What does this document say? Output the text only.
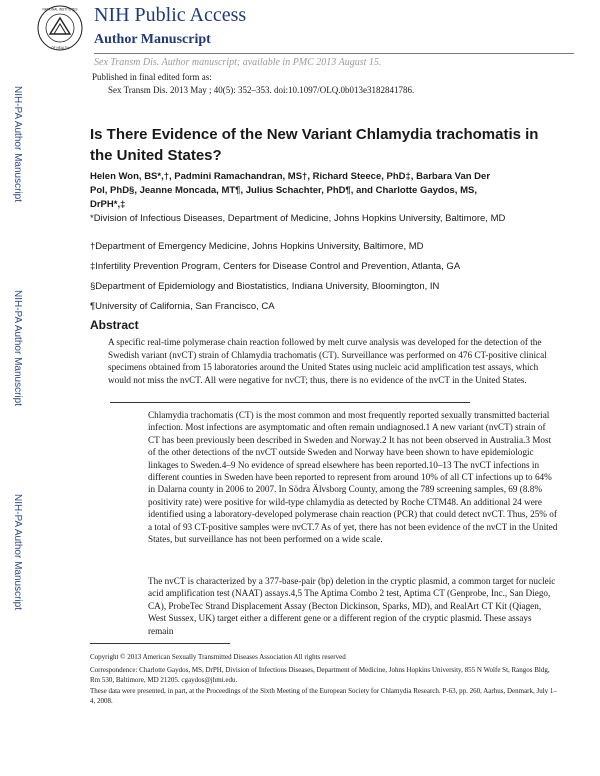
NATIONAL INSTITUTES
OF HEALTH
NIH Public Access
Author Manuscript
Sex Transm Dis. Author manuscript; available in PMC 2013 August 15.
Published in final edited form as:
Sex Transm Dis. 2013 May ; 40(5): 352–353. doi:10.1097/OLQ.0b013e3182841786.
NIH-PA Author Manuscript
NIH-PA Author Manuscript
NIH-PA Author Manuscript
Is There Evidence of the New Variant Chlamydia trachomatis in
the United States?
Helen Won, BS*,†, Padmini Ramachandran, MS†, Richard Steece, PhD‡, Barbara Van Der
Pol, PhD§, Jeanne Moncada, MT¶, Julius Schachter, PhD¶, and Charlotte Gaydos, MS,
DrPH*,‡
*Division of Infectious Diseases, Department of Medicine, Johns Hopkins University, Baltimore, MD
†Department of Emergency Medicine, Johns Hopkins University, Baltimore, MD
‡Infertility Prevention Program, Centers for Disease Control and Prevention, Atlanta, GA
§Department of Epidemiology and Biostatistics, Indiana University, Bloomington, IN
¶University of California, San Francisco, CA
Abstract
A specific real-time polymerase chain reaction followed by melt curve analysis was developed for the detection of the Swedish variant (nvCT) strain of Chlamydia trachomatis (CT). Surveillance was performed on 476 CT-positive clinical specimens obtained from 15 laboratories around the United States using nucleic acid amplification test assays, which would not miss the nvCT. All were negative for nvCT; thus, there is no evidence of the nvCT in the United States.
Chlamydia trachomatis (CT) is the most common and most frequently reported sexually transmitted bacterial infection. Most infections are asymptomatic and often remain undiagnosed.1 A new variant (nvCT) strain of CT has been previously been described in Sweden and Norway.2 It has not been observed in Australia.3 Most of the other detections of the nvCT outside Sweden and Norway have been shown to have epidemiologic linkages to Sweden.4–9 No evidence of spread elsewhere has been reported.10–13 The nvCT infections in different counties in Sweden have been reported to represent from around 10% of all CT infections up to 64% in Dalarna county in 2006 to 2007. In Södra Älvsborg County, among the 789 screening samples, 69 (8.8% positivity rate) were positive for wild-type chlamydia as detected by Roche CTM48. An additional 24 were identified using a laboratory-developed polymerase chain reaction (PCR) that could detect nvCT. Thus, 25% of a total of 93 CT-positive samples were nvCT.7 As of yet, there has not been evidence of the nvCT in the United States, but surveillance has not been performed on a wide scale.
The nvCT is characterized by a 377-base-pair (bp) deletion in the cryptic plasmid, a common target for nucleic acid amplification test (NAAT) assays.4,5 The Aptima Combo 2 test, Aptima CT (Genprobe, Inc., San Diego, CA), ProbeTec Strand Displacement Assay (Becton Dickinson, Sparks, MD), and RealArt CT Kit (Qiagen, West Sussex, UK) target either a different gene or a different region of the cryptic plasmid. These assays remain
Copyright © 2013 American Sexually Transmitted Diseases Association All rights reserved
Correspondence: Charlotte Gaydos, MS, DrPH, Division of Infectious Diseases, Department of Medicine, Johns Hopkins University, 855 N Wolfe St, Rangos Bldg, Rm 530, Baltimore, MD 21205. cgaydos@jhmi.edu.
These data were presented, in part, at the Proceedings of the Sixth Meeting of the European Society for Chlamydia Research. P-63, pp. 260, Aarhus, Denmark, July 1–4, 2008.
